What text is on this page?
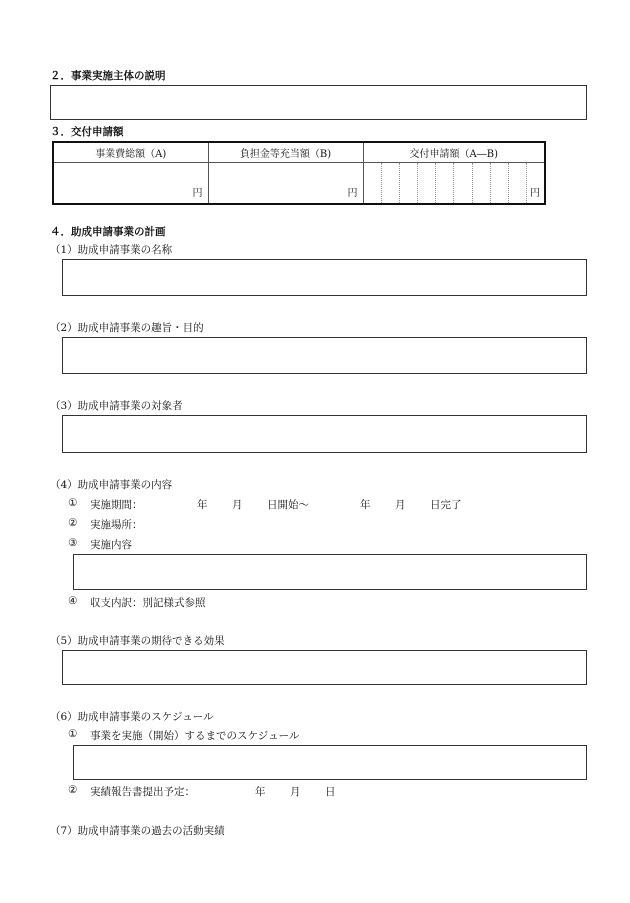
２．事業実施主体の説明
３．交付申請額
事業費総額（A)	負担金等充当額（B)	交付申請額（A―B)									
円	円										円
４．助成申請事業の計画
（1）助成申請事業の名称
（2）助成申請事業の趣旨・目的
（3）助成申請事業の対象者
（4）助成申請事業の内容
① 実施期間：	年 月 日開始～	年 月 日完了
② 実施場所：
③ 実施内容
④ 収支内訳：別記様式参照
（5）助成申請事業の期待できる効果
（6）助成申請事業のスケジュール
① 事業を実施（開始）するまでのスケジュール
② 実績報告書提出予定：	年 月 日
（7）助成申請事業の過去の活動実績
